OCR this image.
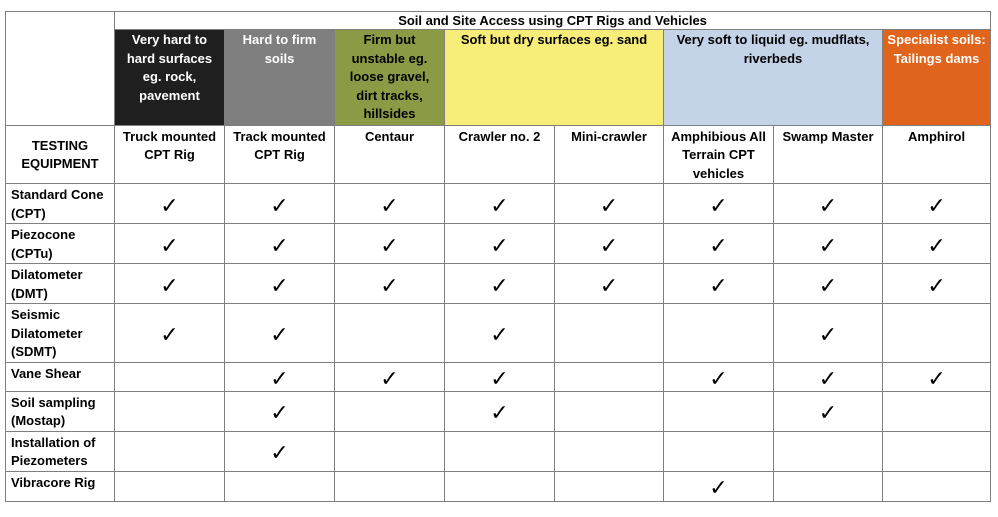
	Soil and Site Access using CPT Rigs and Vehicles							
	Very hard to hard surfaces eg. rock, pavement	Hard to firm soils	Firm but unstable eg. loose gravel, dirt tracks, hillsides	Soft but dry surfaces eg. sand		Very soft to liquid eg. mudflats, riverbeds		Specialist soils: Tailings dams
TESTING EQUIPMENT	Truck mounted CPT Rig	Track mounted CPT Rig	Centaur	Crawler no. 2	Mini-crawler	Amphibious All Terrain CPT vehicles	Swamp Master	Amphirol
Standard Cone (CPT)	✓	✓	✓	✓	✓	✓	✓	✓
Piezocone (CPTu)	✓	✓	✓	✓	✓	✓	✓	✓
Dilatometer (DMT)	✓	✓	✓	✓	✓	✓	✓	✓
Seismic Dilatometer (SDMT)	✓	✓		✓			✓	
Vane Shear		✓	✓	✓		✓	✓	✓
Soil sampling (Mostap)		✓		✓			✓	
Installation of Piezometers		✓						
Vibracore Rig						✓		
